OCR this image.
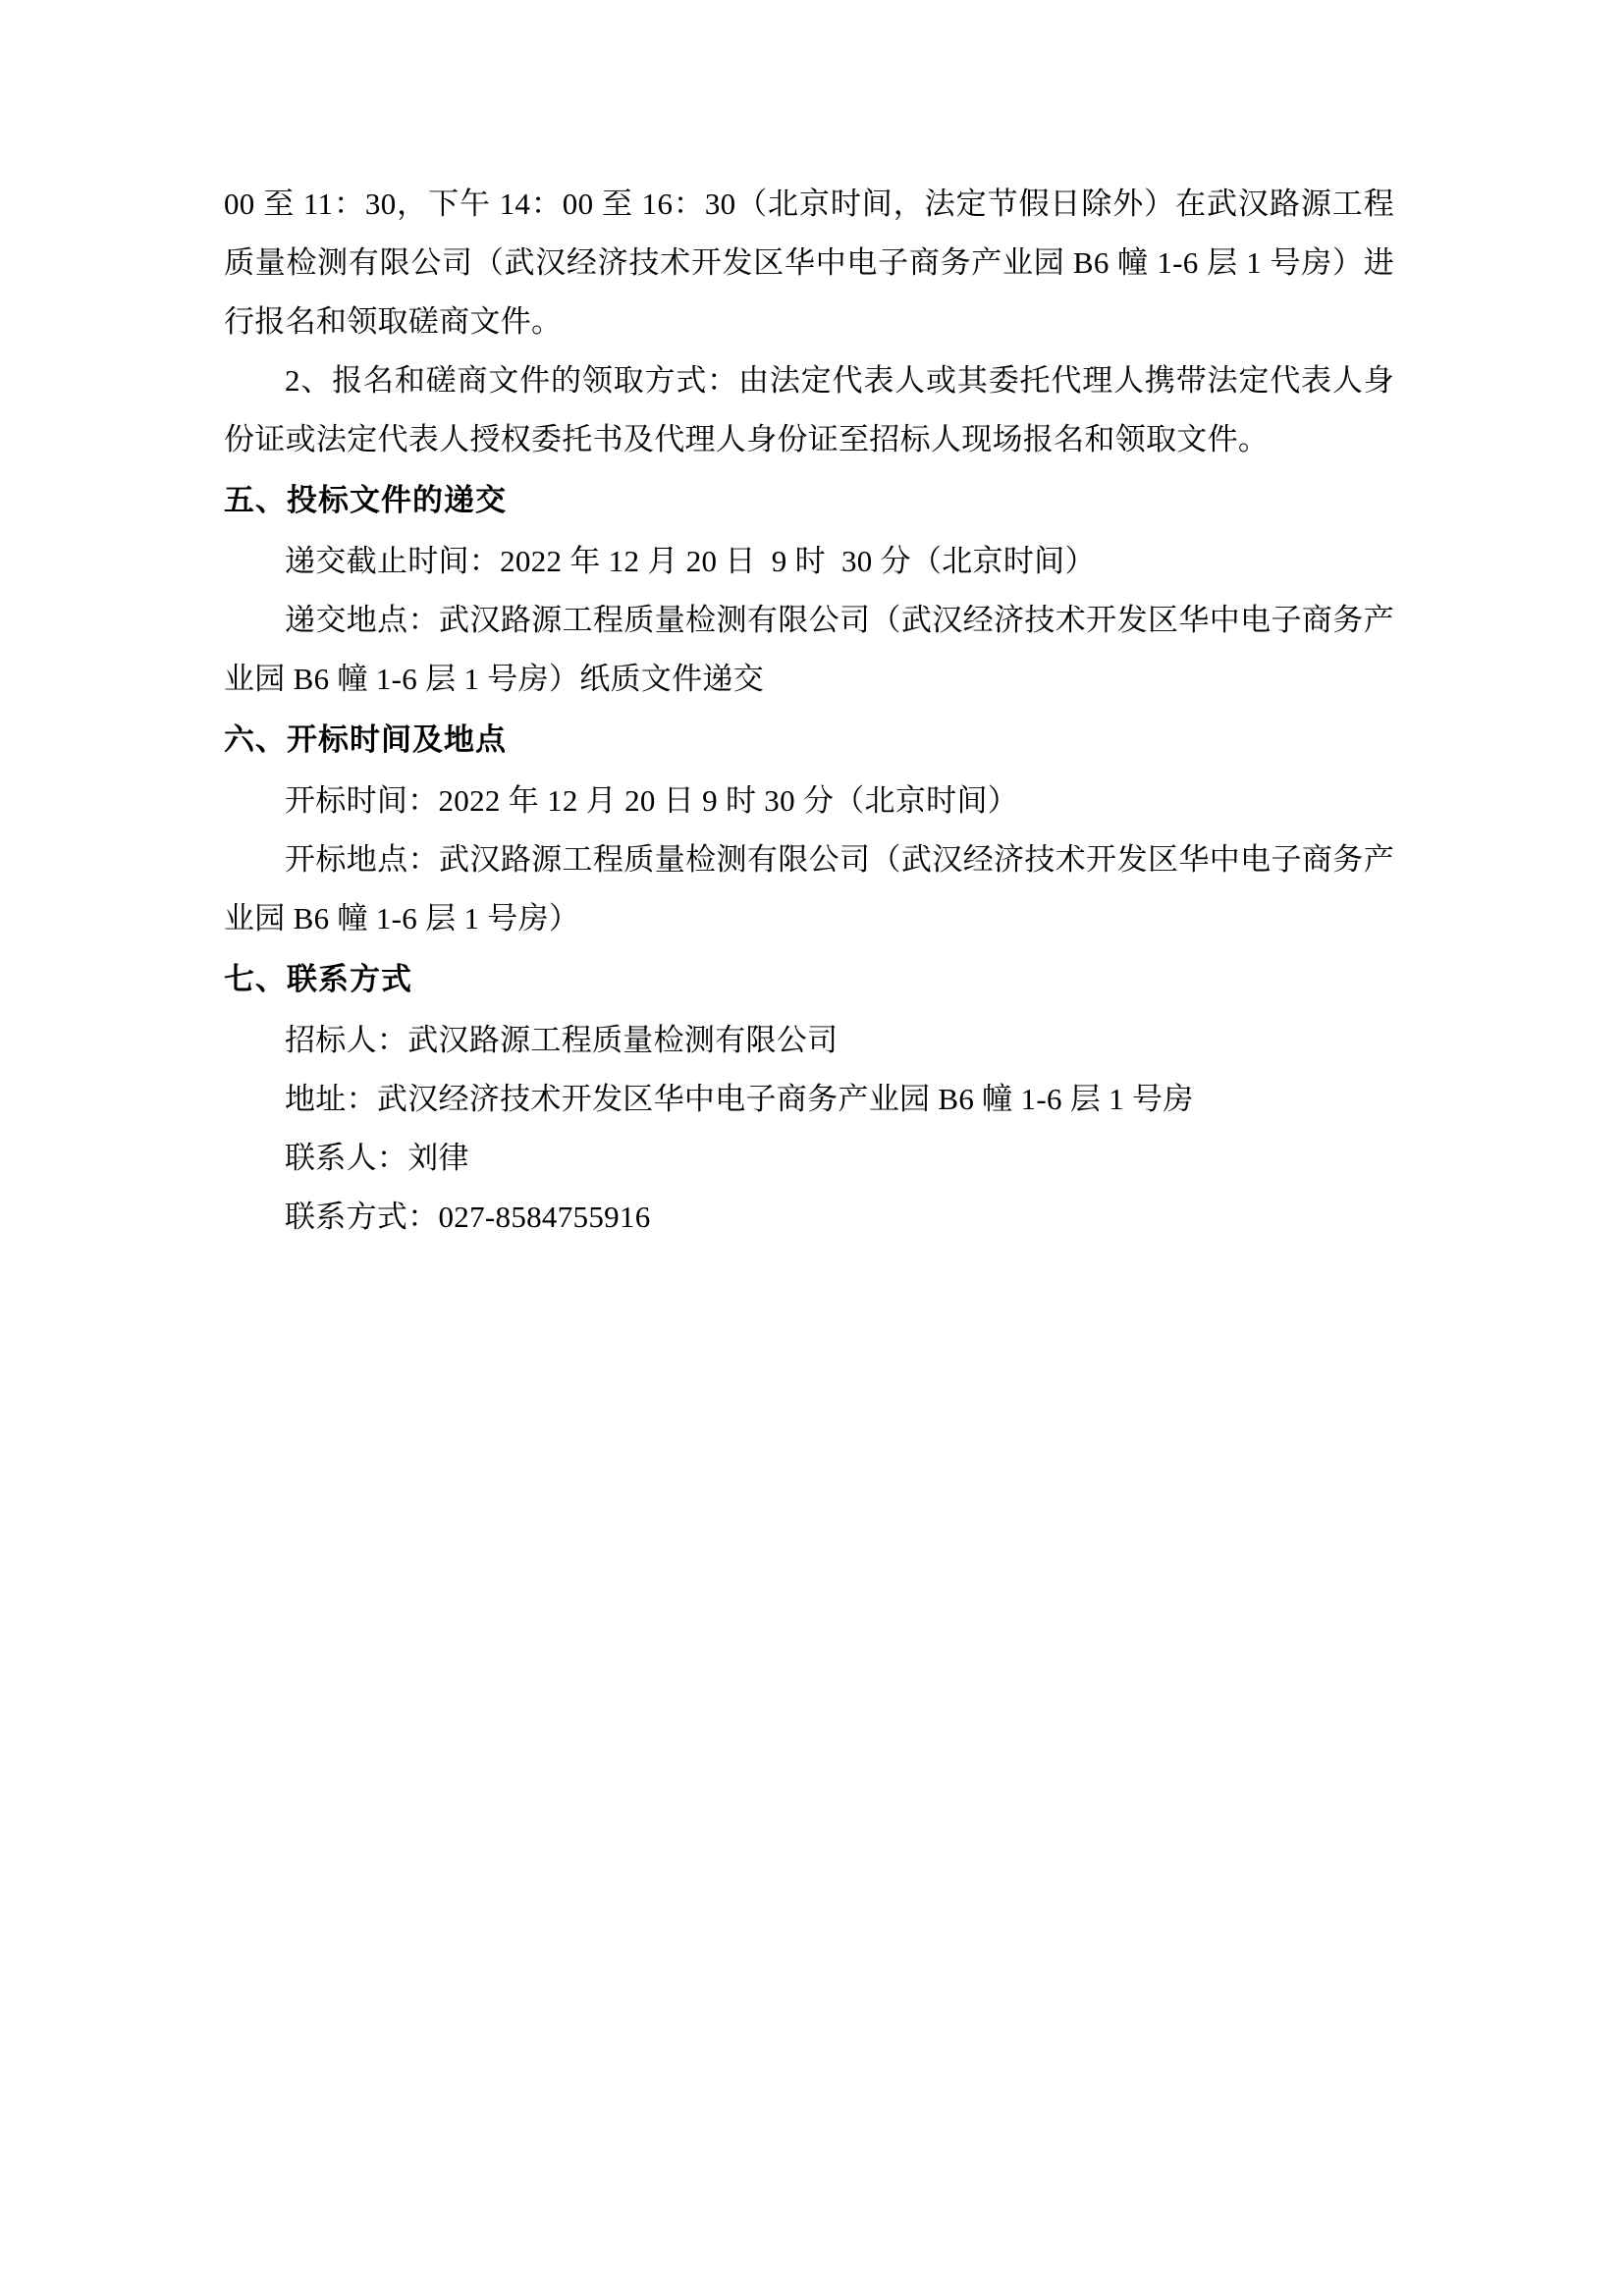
00 至 11：30，下午 14：00 至 16：30（北京时间，法定节假日除外）在武汉路源工程质量检测有限公司（武汉经济技术开发区华中电子商务产业园 B6 幢 1-6 层 1 号房）进行报名和领取磋商文件。

2、报名和磋商文件的领取方式：由法定代表人或其委托代理人携带法定代表人身份证或法定代表人授权委托书及代理人身份证至招标人现场报名和领取文件。

五、投标文件的递交

递交截止时间：2022 年 12 月 20 日  9 时  30 分（北京时间）

递交地点：武汉路源工程质量检测有限公司（武汉经济技术开发区华中电子商务产业园 B6 幢 1-6 层 1 号房）纸质文件递交

六、开标时间及地点

开标时间：2022 年 12 月 20 日 9 时 30 分（北京时间）

开标地点：武汉路源工程质量检测有限公司（武汉经济技术开发区华中电子商务产业园 B6 幢 1-6 层 1 号房）

七、联系方式

招标人：武汉路源工程质量检测有限公司

地址：武汉经济技术开发区华中电子商务产业园 B6 幢 1-6 层 1 号房

联系人：刘律

联系方式：027-8584755916
